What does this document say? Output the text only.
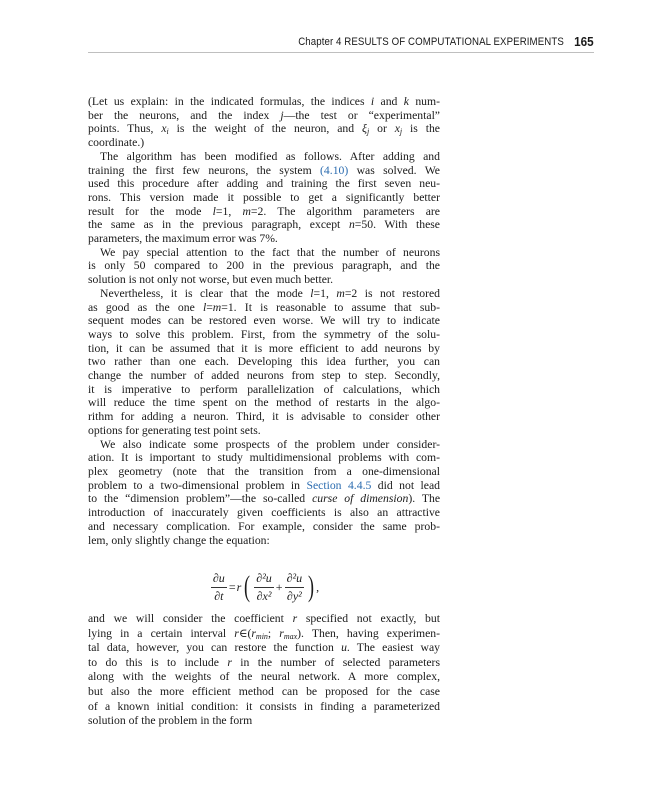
Chapter 4 RESULTS OF COMPUTATIONAL EXPERIMENTS 165
(Let us explain: in the indicated formulas, the indices i and k num-
ber the neurons, and the index j—the test or “experimental”
points. Thus, $x_i$ is the weight of the neuron, and $\xi_j$ or $x_j$ is the
coordinate.)
The algorithm has been modified as follows. After adding and
training the first few neurons, the system (4.10) was solved. We
used this procedure after adding and training the first seven neu-
rons. This version made it possible to get a significantly better
result for the mode l=1, m=2. The algorithm parameters are
the same as in the previous paragraph, except n=50. With these
parameters, the maximum error was 7%.
We pay special attention to the fact that the number of neurons
is only 50 compared to 200 in the previous paragraph, and the
solution is not only not worse, but even much better.
Nevertheless, it is clear that the mode l=1, m=2 is not restored
as good as the one l=m=1. It is reasonable to assume that sub-
sequent modes can be restored even worse. We will try to indicate
ways to solve this problem. First, from the symmetry of the solu-
tion, it can be assumed that it is more efficient to add neurons by
two rather than one each. Developing this idea further, you can
change the number of added neurons from step to step. Secondly,
it is imperative to perform parallelization of calculations, which
will reduce the time spent on the method of restarts in the algo-
rithm for adding a neuron. Third, it is advisable to consider other
options for generating test point sets.
We also indicate some prospects of the problem under consider-
ation. It is important to study multidimensional problems with com-
plex geometry (note that the transition from a one-dimensional
problem to a two-dimensional problem in Section 4.4.5 did not lead
to the “dimension problem”—the so-called curse of dimension). The
introduction of inaccurately given coefficients is also an attractive
and necessary complication. For example, consider the same prob-
lem, only slightly change the equation:
$\frac{\partial u}{\partial t} = r$ ( $\frac{\text{∂²u}}{\text{∂x²}} + \frac{\text{∂²u}}{\text{∂y²}}$ ) ,
and we will consider the coefficient r specified not exactly, but
lying in a certain interval $r\in(r_{min}$; $r_{max}$). Then, having experimen-
tal data, however, you can restore the function u. The easiest way
to do this is to include r in the number of selected parameters
along with the weights of the neural network. A more complex,
but also the more efficient method can be proposed for the case
of a known initial condition: it consists in finding a parameterized
solution of the problem in the form
